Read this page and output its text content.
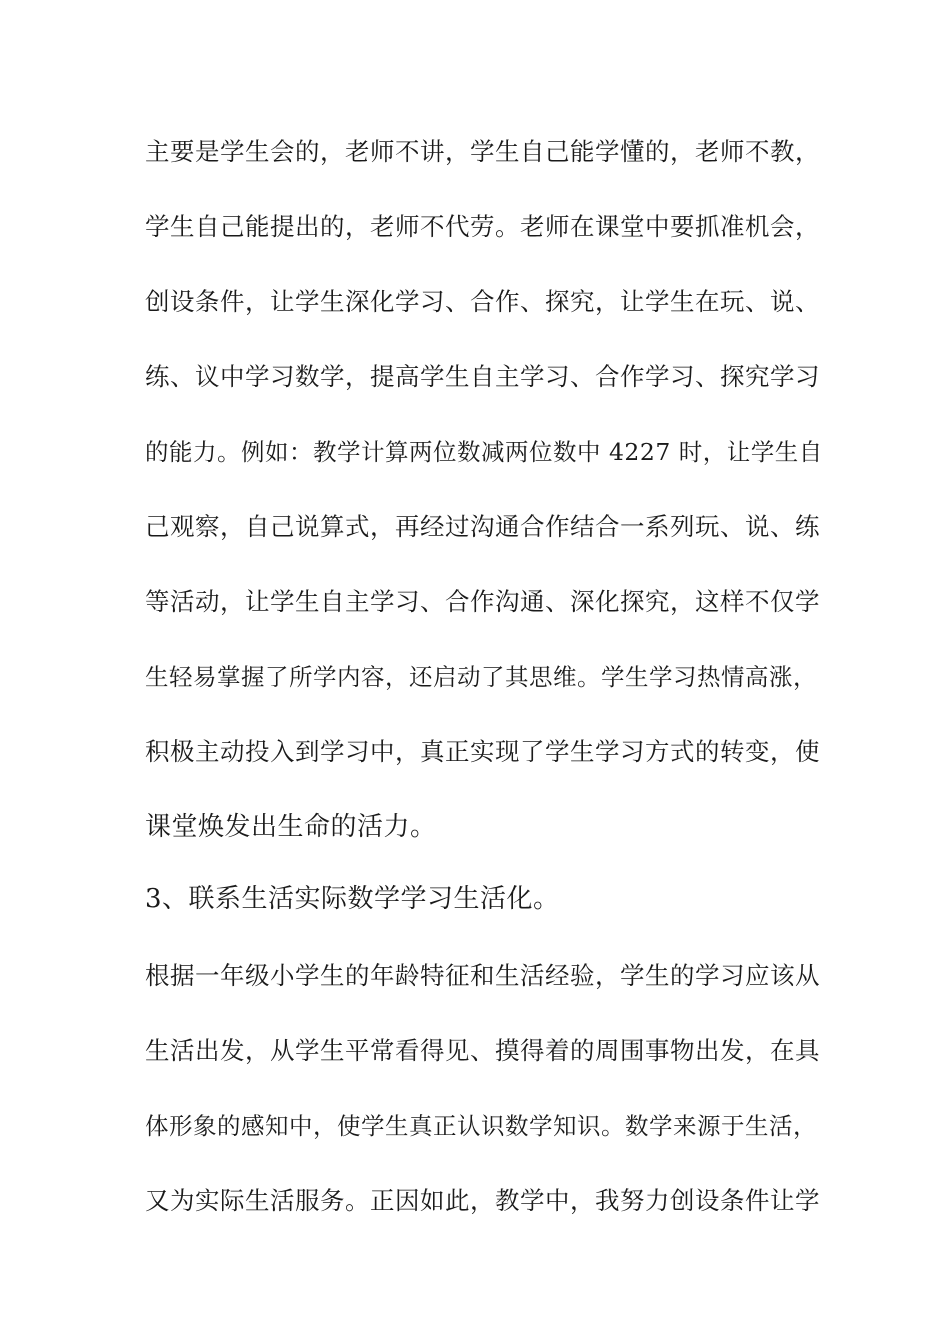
主要是学生会的，老师不讲，学生自己能学懂的，老师不教，
学生自己能提出的，老师不代劳。老师在课堂中要抓准机会，
创设条件，让学生深化学习、合作、探究，让学生在玩、说、
练、议中学习数学，提高学生自主学习、合作学习、探究学习
的能力。例如：教学计算两位数减两位数中 4227 时，让学生自
己观察，自己说算式，再经过沟通合作结合一系列玩、说、练
等活动，让学生自主学习、合作沟通、深化探究，这样不仅学
生轻易掌握了所学内容，还启动了其思维。学生学习热情高涨，
积极主动投入到学习中，真正实现了学生学习方式的转变，使
课堂焕发出生命的活力。
3、联系生活实际数学学习生活化。
根据一年级小学生的年龄特征和生活经验，学生的学习应该从
生活出发，从学生平常看得见、摸得着的周围事物出发，在具
体形象的感知中，使学生真正认识数学知识。数学来源于生活，
又为实际生活服务。正因如此，教学中，我努力创设条件让学
